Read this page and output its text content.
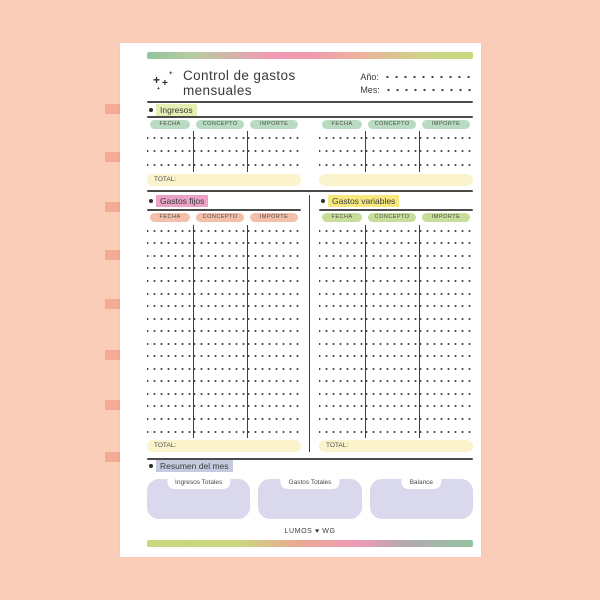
+ +
+
+
Control de gastos mensuales
Año:
Mes:
Ingresos
FECHA	CONCEPTO	IMPORTE
TOTAL:
FECHA	CONCEPTO	IMPORTE
Gastos fijos
FECHA	CONCEPTO	IMPORTE
TOTAL:
Gastos variables
FECHA	CONCEPTO	IMPORTE
TOTAL:
Resumen del mes
Ingresos Totales	Gastos Totales	Balance
LUMOS ♥ WG
